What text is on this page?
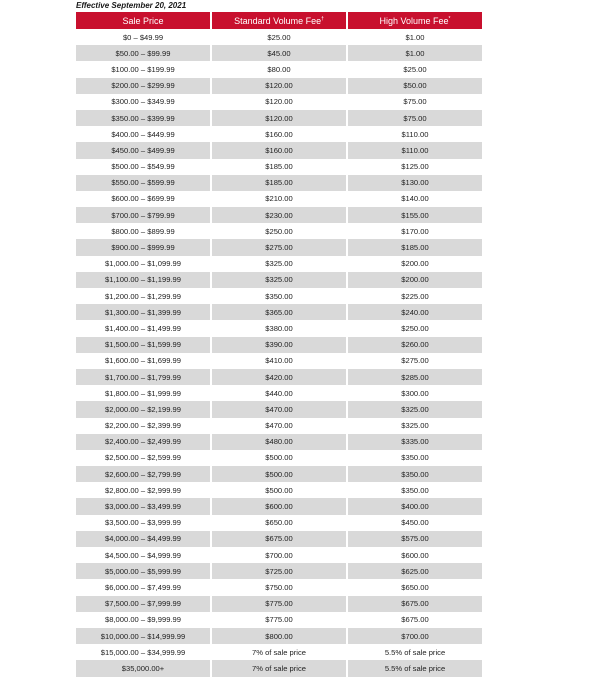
Effective September 20, 2021
Sale Price	Standard Volume Fee†	High Volume Fee*
$0 – $49.99	$25.00	$1.00
$50.00 – $99.99	$45.00	$1.00
$100.00 – $199.99	$80.00	$25.00
$200.00 – $299.99	$120.00	$50.00
$300.00 – $349.99	$120.00	$75.00
$350.00 – $399.99	$120.00	$75.00
$400.00 – $449.99	$160.00	$110.00
$450.00 – $499.99	$160.00	$110.00
$500.00 – $549.99	$185.00	$125.00
$550.00 – $599.99	$185.00	$130.00
$600.00 – $699.99	$210.00	$140.00
$700.00 – $799.99	$230.00	$155.00
$800.00 – $899.99	$250.00	$170.00
$900.00 – $999.99	$275.00	$185.00
$1,000.00 – $1,099.99	$325.00	$200.00
$1,100.00 – $1,199.99	$325.00	$200.00
$1,200.00 – $1,299.99	$350.00	$225.00
$1,300.00 – $1,399.99	$365.00	$240.00
$1,400.00 – $1,499.99	$380.00	$250.00
$1,500.00 – $1,599.99	$390.00	$260.00
$1,600.00 – $1,699.99	$410.00	$275.00
$1,700.00 – $1,799.99	$420.00	$285.00
$1,800.00 – $1,999.99	$440.00	$300.00
$2,000.00 – $2,199.99	$470.00	$325.00
$2,200.00 – $2,399.99	$470.00	$325.00
$2,400.00 – $2,499.99	$480.00	$335.00
$2,500.00 – $2,599.99	$500.00	$350.00
$2,600.00 – $2,799.99	$500.00	$350.00
$2,800.00 – $2,999.99	$500.00	$350.00
$3,000.00 – $3,499.99	$600.00	$400.00
$3,500.00 – $3,999.99	$650.00	$450.00
$4,000.00 – $4,499.99	$675.00	$575.00
$4,500.00 – $4,999.99	$700.00	$600.00
$5,000.00 – $5,999.99	$725.00	$625.00
$6,000.00 – $7,499.99	$750.00	$650.00
$7,500.00 – $7,999.99	$775.00	$675.00
$8,000.00 – $9,999.99	$775.00	$675.00
$10,000.00 – $14,999.99	$800.00	$700.00
$15,000.00 – $34,999.99	7% of sale price	5.5% of sale price
$35,000.00+	7% of sale price	5.5% of sale price
